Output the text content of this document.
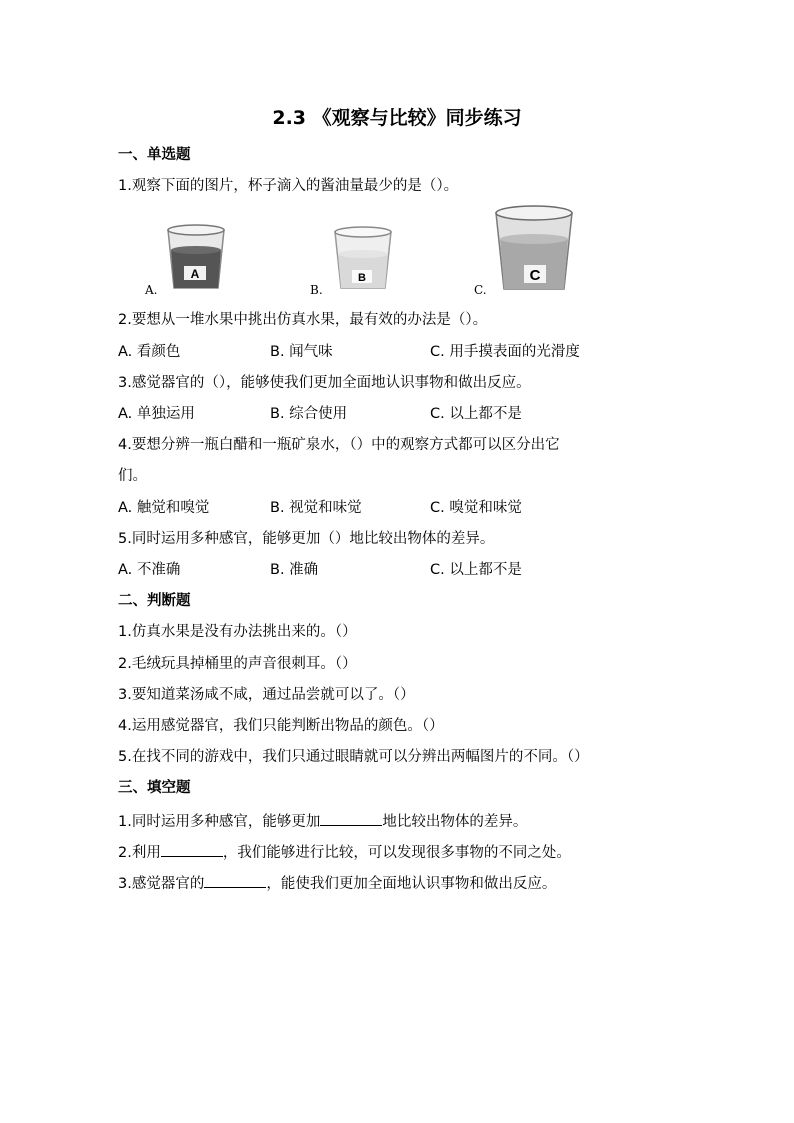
2.3 《观察与比较》同步练习
一、单选题
1.观察下面的图片，杯子滴入的酱油量最少的是（）。
A.
A
B.
B
C.
C
2.要想从一堆水果中挑出仿真水果，最有效的办法是（）。
A. 看颜色	B. 闻气味	C. 用手摸表面的光滑度
3.感觉器官的（），能够使我们更加全面地认识事物和做出反应。
A. 单独运用	B. 综合使用	C. 以上都不是
4.要想分辨一瓶白醋和一瓶矿泉水，（）中的观察方式都可以区分出它
们。
A. 触觉和嗅觉	B. 视觉和味觉	C. 嗅觉和味觉
5.同时运用多种感官，能够更加（）地比较出物体的差异。
A. 不准确	B. 准确	C. 以上都不是
二、判断题
1.仿真水果是没有办法挑出来的。（）
2.毛绒玩具掉桶里的声音很刺耳。（）
3.要知道菜汤咸不咸，通过品尝就可以了。（）
4.运用感觉器官，我们只能判断出物品的颜色。（）
5.在找不同的游戏中，我们只通过眼睛就可以分辨出两幅图片的不同。（）
三、填空题
1.同时运用多种感官，能够更加	地比较出物体的差异。
2.利用	，我们能够进行比较，可以发现很多事物的不同之处。
3.感觉器官的	，能使我们更加全面地认识事物和做出反应。
